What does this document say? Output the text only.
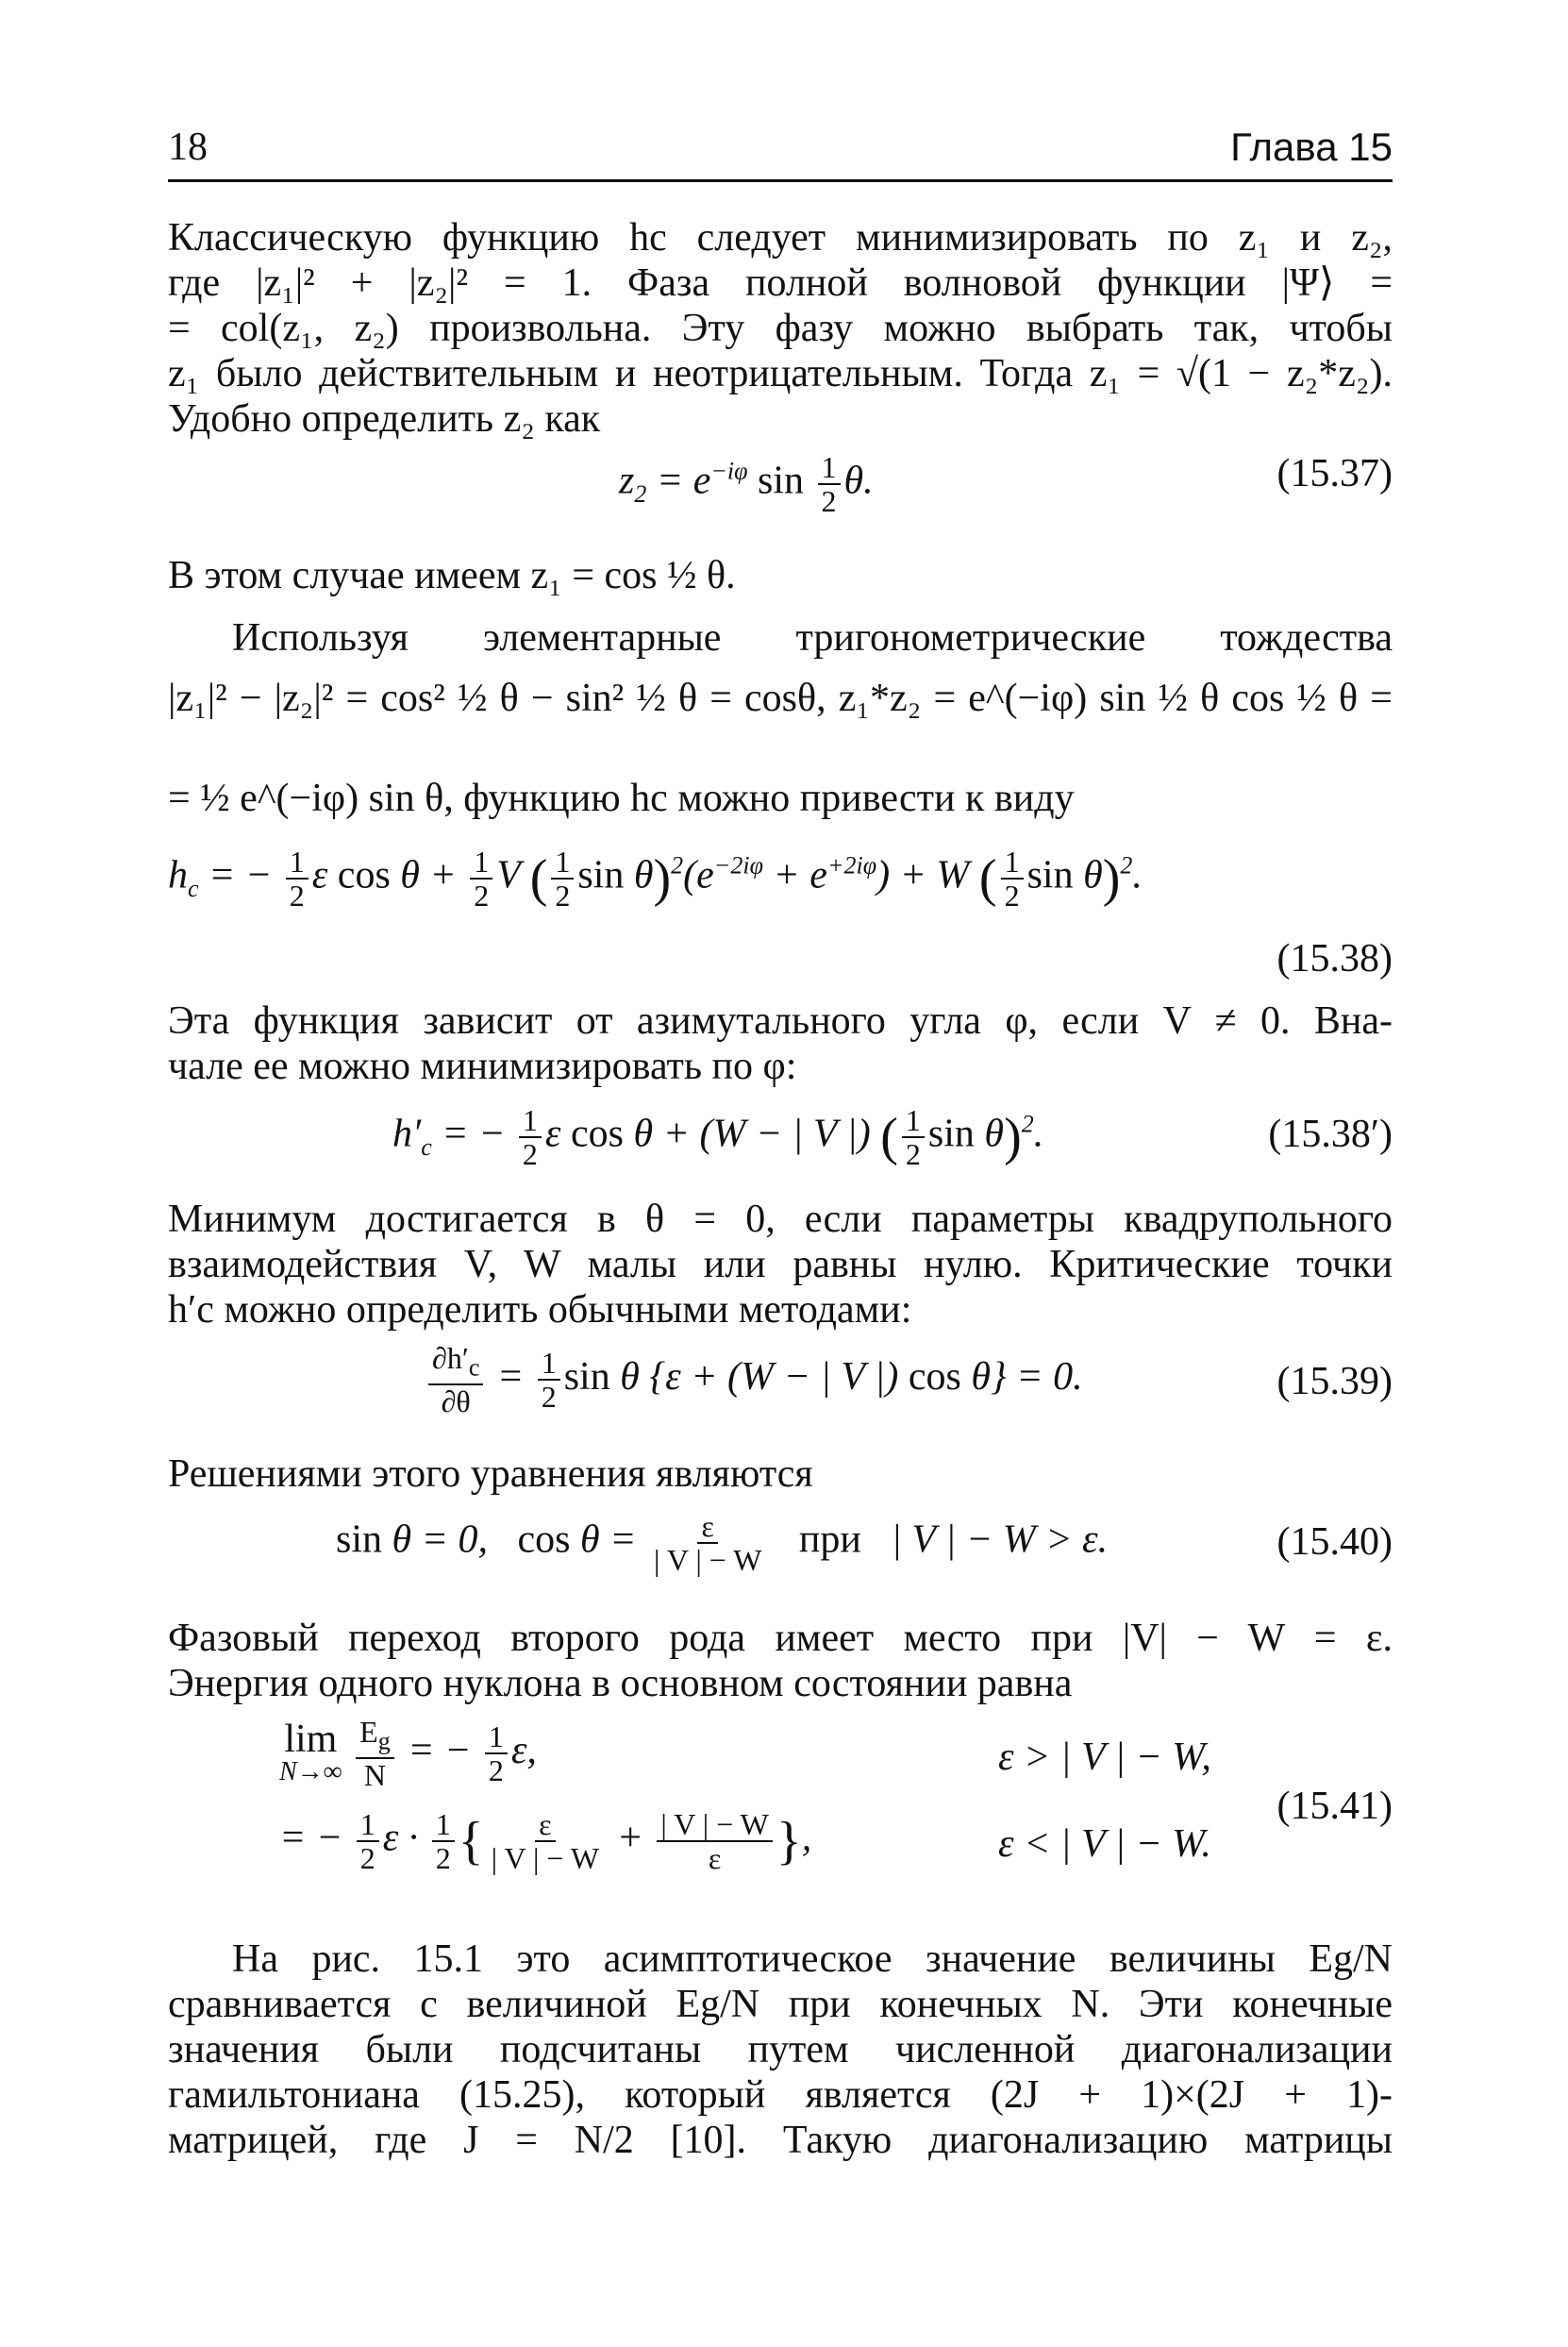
18	Глава 15
Классическую функцию hc следует минимизировать по z₁ и z₂,
где |z₁|² + |z₂|² = 1. Фаза полной волновой функции |Ψ⟩ =
= col(z₁, z₂) произвольна. Эту фазу можно выбрать так, чтобы
z₁ было действительным и неотрицательным. Тогда z₁ = √(1 − z₂*z₂).
Удобно определить z₂ как
$z_2 = e^{-i\varphi}$ $\sin \frac{1}{2} \theta$.	(15.37)
В этом случае имеем z₁ = cos ½ θ.
Используя элементарные тригонометрические тождества
|z₁|² − |z₂|² = cos² ½ θ − sin² ½ θ = cosθ, z₁*z₂ = e^(−iφ) sin ½ θ cos ½ θ =
= ½ e^(−iφ) sin θ, функцию hc можно привести к виду
$h_c$ = − $\frac{1}{2}$ ε $\cos \theta + \frac{1}{2}$ V ( $\frac{1}{2}$ $\sin \theta)^2(e^{-2i\varphi} + e^{+2i\varphi}) + W$ ( $\frac{1}{2}$ sin θ)$^2$.
(15.38)
Эта функция зависит от азимутального угла φ, если V ≠ 0. Вна-
чале ее можно минимизировать по φ:
$h'_c$ = − $\frac{1}{2}$ ε cos θ + (W − | V |) ( $\frac{1}{2}$ sin θ)$^2$.	(15.38′)
Минимум достигается в θ = 0, если параметры квадрупольного
взаимодействия V, W малы или равны нулю. Критические точки
h′c можно определить обычными методами:
$\frac{\partial h'_c}{\partial\theta} = \frac{1}{2}$ sin θ {ε + (W − | V |) cos θ} = 0.	(15.39)
Решениями этого уравнения являются
sin θ = 0,   $\cos \theta = \frac{\varepsilon}{| V | - W}$ при   | V | − W > ε.	(15.40)
Фазовый переход второго рода имеет место при |V| − W = ε.
Энергия одного нуклона в основном состоянии равна
lim
N→∞
$\frac{E_g}{N}$ = − $\frac{1}{2} \varepsilon$,	ε > | V | − W,
= − $\frac{1}{2}$ $\varepsilon \cdot \frac{1}{2}$ { $\frac{\varepsilon}{| V | - W} + \frac{| V | - W}{\varepsilon}$ },	ε < | V | − W.
(15.41)
На рис. 15.1 это асимптотическое значение величины Eg/N
сравнивается с величиной Eg/N при конечных N. Эти конечные
значения были подсчитаны путем численной диагонализации
гамильтониана (15.25), который является (2J + 1)×(2J + 1)-
матрицей, где J = N/2 [10]. Такую диагонализацию матрицы
